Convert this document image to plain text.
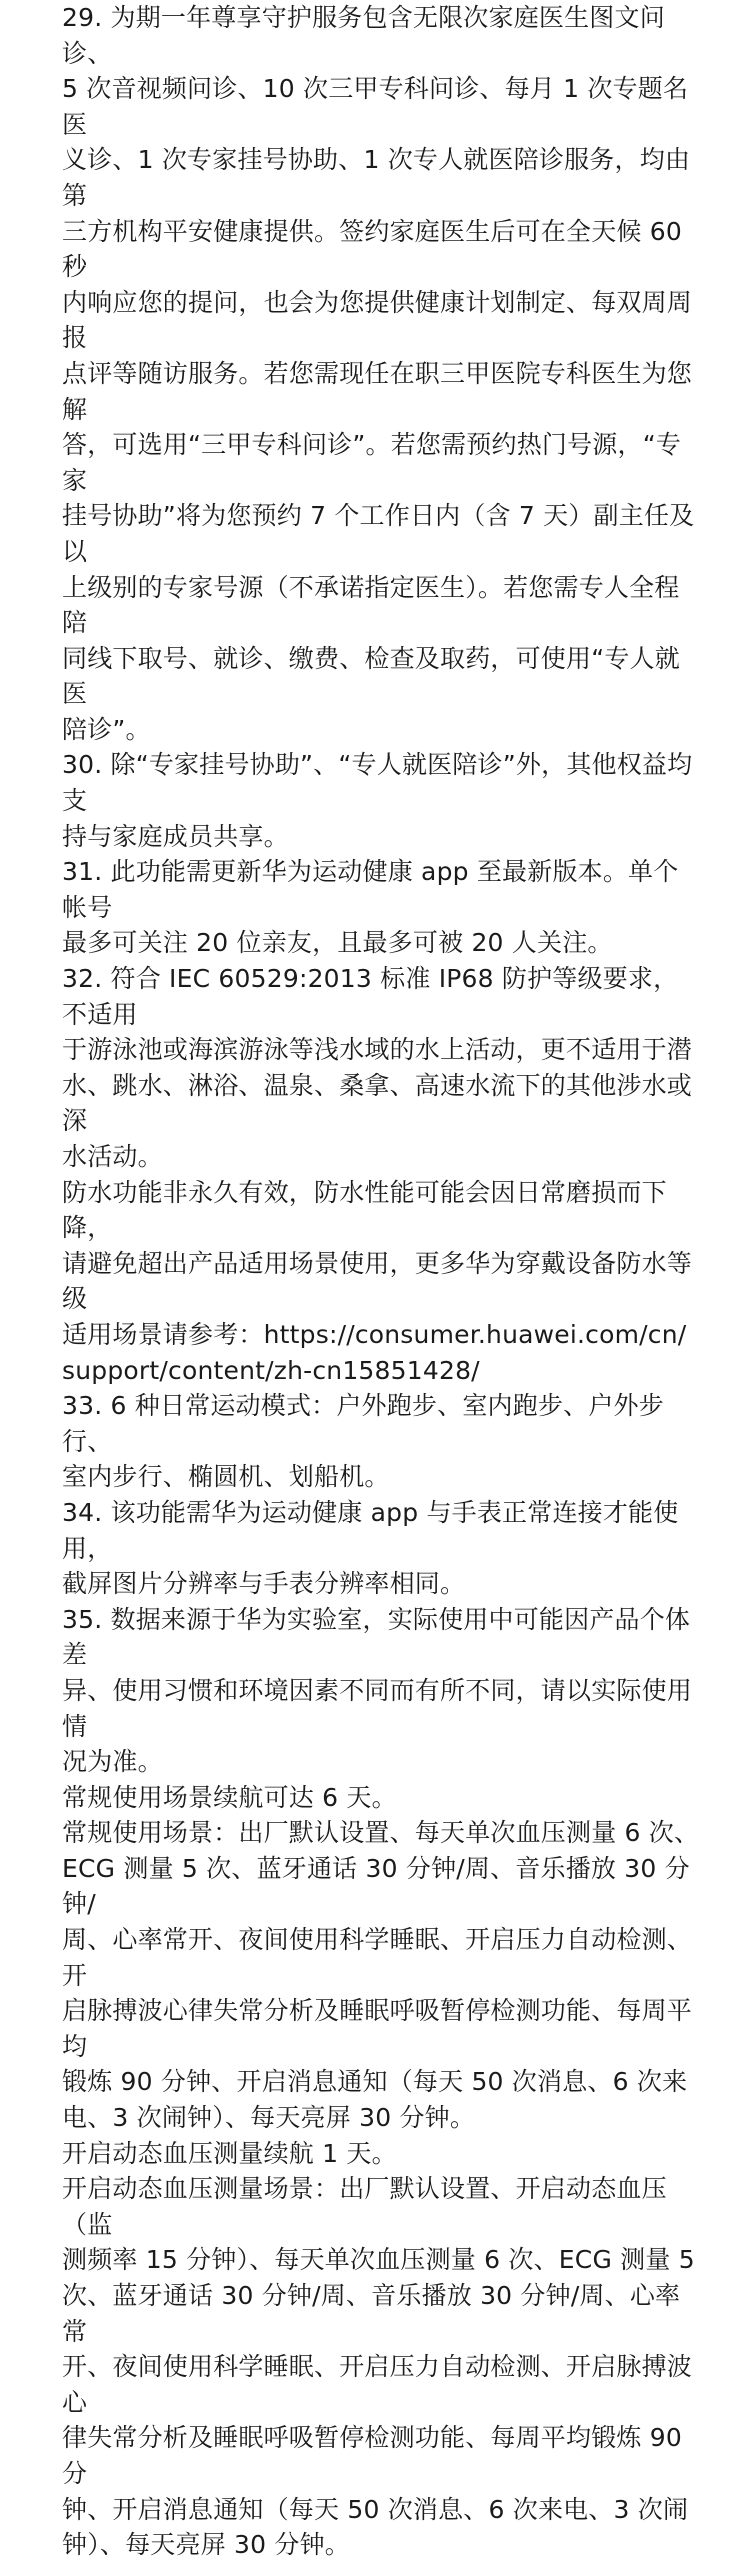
29. 为期一年尊享守护服务包含无限次家庭医生图文问诊、
5 次音视频问诊、10 次三甲专科问诊、每月 1 次专题名医
义诊、1 次专家挂号协助、1 次专人就医陪诊服务，均由第
三方机构平安健康提供。签约家庭医生后可在全天候 60 秒
内响应您的提问，也会为您提供健康计划制定、每双周周报
点评等随访服务。若您需现任在职三甲医院专科医生为您解
答，可选用“三甲专科问诊”。若您需预约热门号源，“专家
挂号协助”将为您预约 7 个工作日内（含 7 天）副主任及以
上级别的专家号源（不承诺指定医生）。若您需专人全程陪
同线下取号、就诊、缴费、检查及取药，可使用“专人就医
陪诊”。

30. 除“专家挂号协助”、“专人就医陪诊”外，其他权益均支
持与家庭成员共享。

31. 此功能需更新华为运动健康 app 至最新版本。单个帐号
最多可关注 20 位亲友，且最多可被 20 人关注。

32. 符合 IEC 60529:2013 标准 IP68 防护等级要求，不适用
于游泳池或海滨游泳等浅水域的水上活动，更不适用于潜
水、跳水、淋浴、温泉、桑拿、高速水流下的其他涉水或深
水活动。

防水功能非永久有效，防水性能可能会因日常磨损而下降，
请避免超出产品适用场景使用，更多华为穿戴设备防水等级
适用场景请参考：https://consumer.huawei.com/cn/
support/content/zh-cn15851428/

33. 6 种日常运动模式：户外跑步、室内跑步、户外步行、
室内步行、椭圆机、划船机。

34. 该功能需华为运动健康 app 与手表正常连接才能使用，
截屏图片分辨率与手表分辨率相同。

35. 数据来源于华为实验室，实际使用中可能因产品个体差
异、使用习惯和环境因素不同而有所不同，请以实际使用情
况为准。

常规使用场景续航可达 6 天。

常规使用场景：出厂默认设置、每天单次血压测量 6 次、
ECG 测量 5 次、蓝牙通话 30 分钟/周、音乐播放 30 分钟/
周、心率常开、夜间使用科学睡眠、开启压力自动检测、开
启脉搏波心律失常分析及睡眠呼吸暂停检测功能、每周平均
锻炼 90 分钟、开启消息通知（每天 50 次消息、6 次来
电、3 次闹钟）、每天亮屏 30 分钟。

开启动态血压测量续航 1 天。

开启动态血压测量场景：出厂默认设置、开启动态血压（监
测频率 15 分钟）、每天单次血压测量 6 次、ECG 测量 5
次、蓝牙通话 30 分钟/周、音乐播放 30 分钟/周、心率常
开、夜间使用科学睡眠、开启压力自动检测、开启脉搏波心
律失常分析及睡眠呼吸暂停检测功能、每周平均锻炼 90 分
钟、开启消息通知（每天 50 次消息、6 次来电、3 次闹
钟）、每天亮屏 30 分钟。
